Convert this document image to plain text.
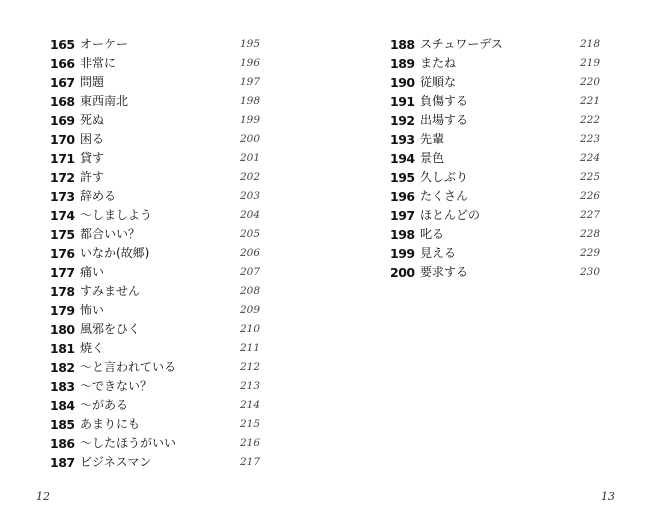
165 オーケー	195
166 非常に	196
167 問題	197
168 東西南北	198
169 死ぬ	199
170 困る	200
171 貸す	201
172 許す	202
173 辞める	203
174 ～しましよう	204
175 都合いい？	205
176 いなか(故郷)	206
177 痛い	207
178 すみません	208
179 怖い	209
180 風邪をひく	210
181 焼く	211
182 ～と言われている	212
183 ～できない？	213
184 ～がある	214
185 あまりにも	215
186 ～したほうがいい	216
187 ビジネスマン	217
188 スチュワーデス	218
189 またね	219
190 従順な	220
191 負傷する	221
192 出場する	222
193 先輩	223
194 景色	224
195 久しぶり	225
196 たくさん	226
197 ほとんどの	227
198 叱る	228
199 見える	229
200 要求する	230
12	13
